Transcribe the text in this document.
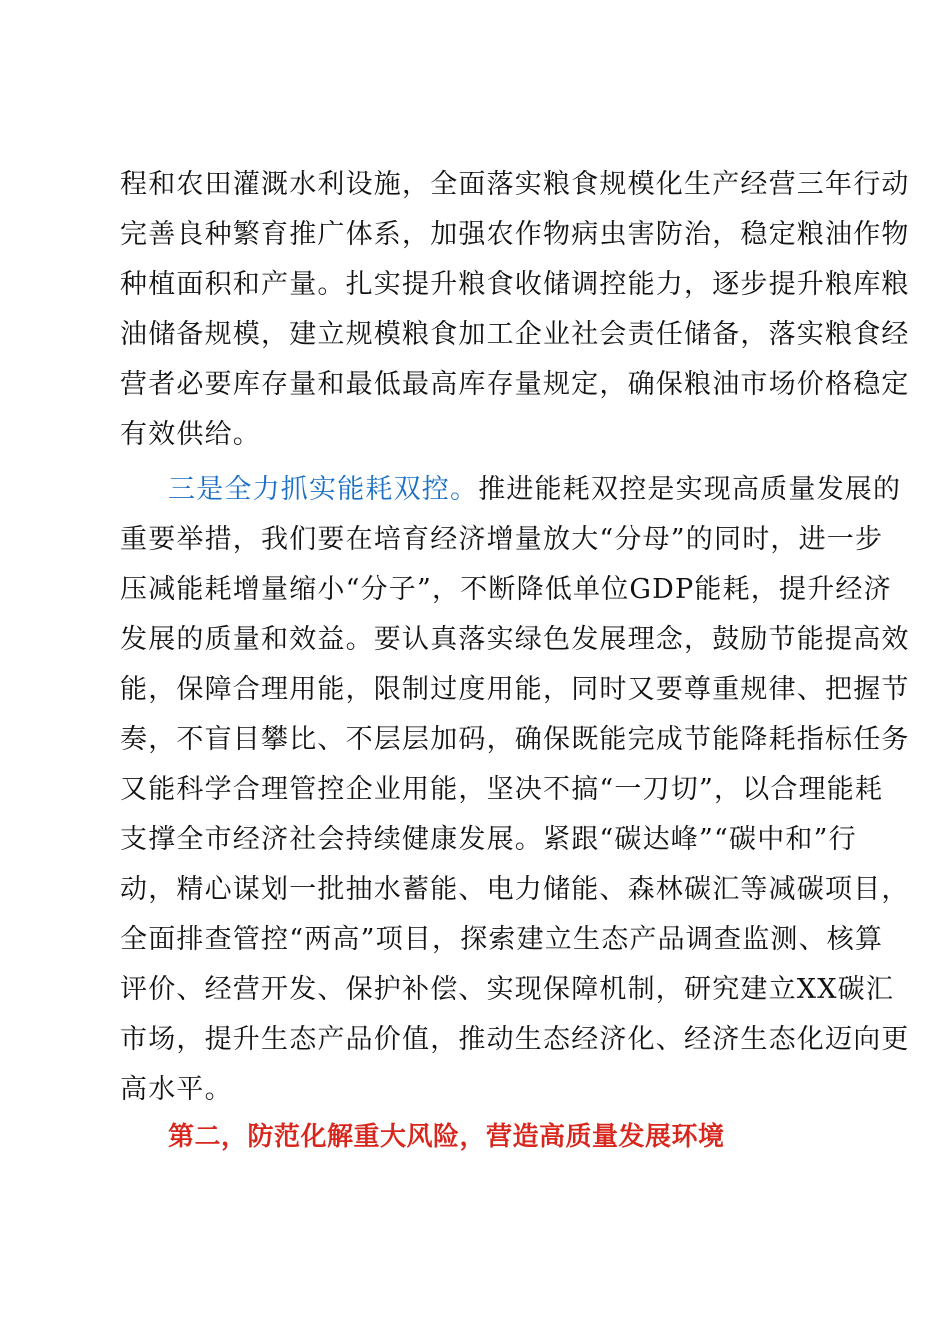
程和农田灌溉水利设施，全面落实粮食规模化生产经营三年行动
完善良种繁育推广体系，加强农作物病虫害防治，稳定粮油作物
种植面积和产量。扎实提升粮食收储调控能力，逐步提升粮库粮
油储备规模，建立规模粮食加工企业社会责任储备，落实粮食经
营者必要库存量和最低最高库存量规定，确保粮油市场价格稳定
有效供给。
三是全力抓实能耗双控。推进能耗双控是实现高质量发展的
重要举措，我们要在培育经济增量放大“分母”的同时，进一步
压减能耗增量缩小“分子”，不断降低单位GDP能耗，提升经济
发展的质量和效益。要认真落实绿色发展理念，鼓励节能提高效
能，保障合理用能，限制过度用能，同时又要尊重规律、把握节
奏，不盲目攀比、不层层加码，确保既能完成节能降耗指标任务
又能科学合理管控企业用能，坚决不搞“一刀切”，以合理能耗
支撑全市经济社会持续健康发展。紧跟“碳达峰”“碳中和”行
动，精心谋划一批抽水蓄能、电力储能、森林碳汇等减碳项目，
全面排查管控“两高”项目，探索建立生态产品调查监测、核算
评价、经营开发、保护补偿、实现保障机制，研究建立XX碳汇
市场，提升生态产品价值，推动生态经济化、经济生态化迈向更
高水平。
第二，防范化解重大风险，营造高质量发展环境
